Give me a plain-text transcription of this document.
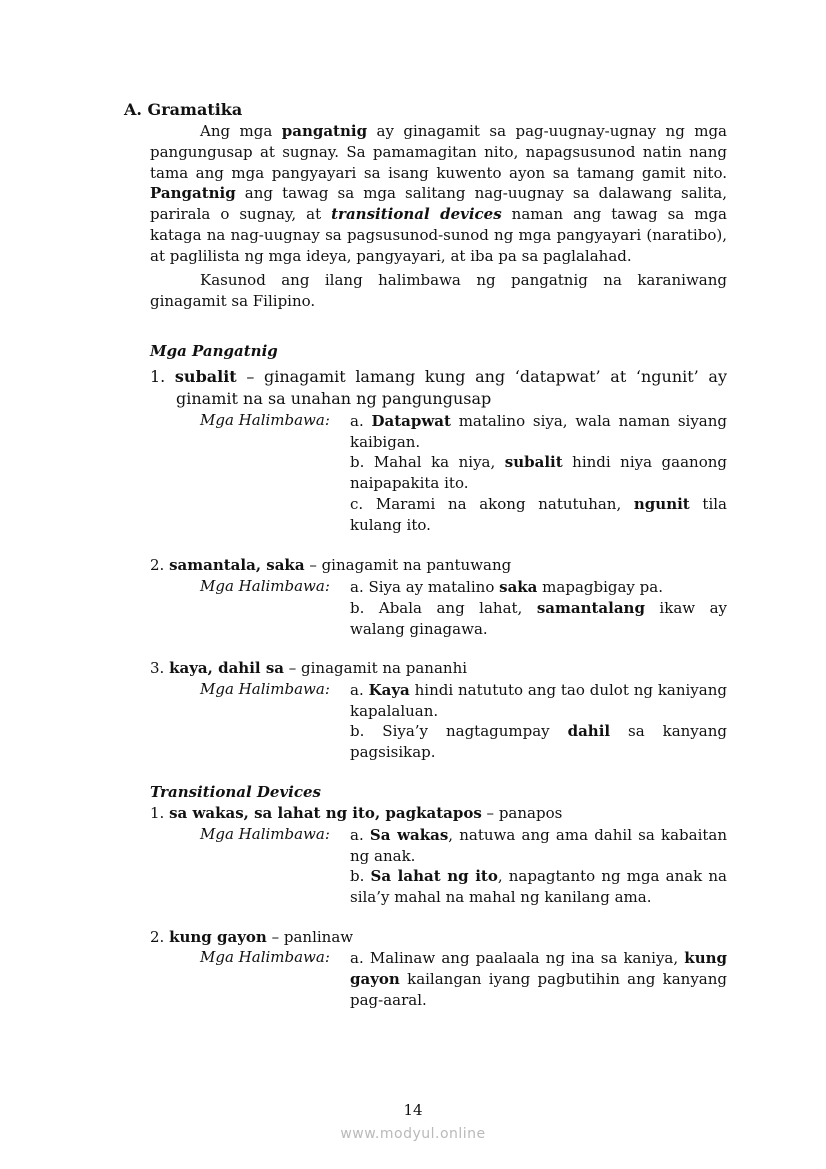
A. Gramatika
Ang mga pangatnig ay ginagamit sa pag-uugnay-ugnay ng mga pangungusap at sugnay. Sa pamamagitan nito, napagsusunod natin nang tama ang mga pangyayari sa isang kuwento ayon sa tamang gamit nito. Pangatnig ang tawag sa mga salitang nag-uugnay sa dalawang salita, parirala o sugnay, at transitional devices naman ang tawag sa mga kataga na nag-uugnay sa pagsusunod-sunod ng mga pangyayari (naratibo), at paglilista ng mga ideya, pangyayari, at iba pa sa paglalahad.
Kasunod ang ilang halimbawa ng pangatnig na karaniwang ginagamit sa Filipino.
Mga Pangatnig
1. subalit – ginagamit lamang kung ang ‘datapwat’ at ‘ngunit’ ay ginamit na sa unahan ng pangungusap
Mga Halimbawa: a. Datapwat matalino siya, wala naman siyang kaibigan.
b. Mahal ka niya, subalit hindi niya gaanong naipapakita ito.
c. Marami na akong natutuhan, ngunit tila kulang ito.
2. samantala, saka – ginagamit na pantuwang
Mga Halimbawa: a. Siya ay matalino saka mapagbigay pa.
b. Abala ang lahat, samantalang ikaw ay walang ginagawa.
3. kaya, dahil sa – ginagamit na pananhi
Mga Halimbawa: a. Kaya hindi natututo ang tao dulot ng kaniyang kapalaluan.
b. Siya’y nagtagumpay dahil sa kanyang pagsisikap.
Transitional Devices
1. sa wakas, sa lahat ng ito, pagkatapos – panapos
Mga Halimbawa: a. Sa wakas, natuwa ang ama dahil sa kabaitan ng anak.
b. Sa lahat ng ito, napagtanto ng mga anak na sila’y mahal na mahal ng kanilang ama.
2. kung gayon – panlinaw
Mga Halimbawa: a. Malinaw ang paalaala ng ina sa kaniya, kung gayon kailangan iyang pagbutihin ang kanyang pag-aaral.
14
www.modyul.online
